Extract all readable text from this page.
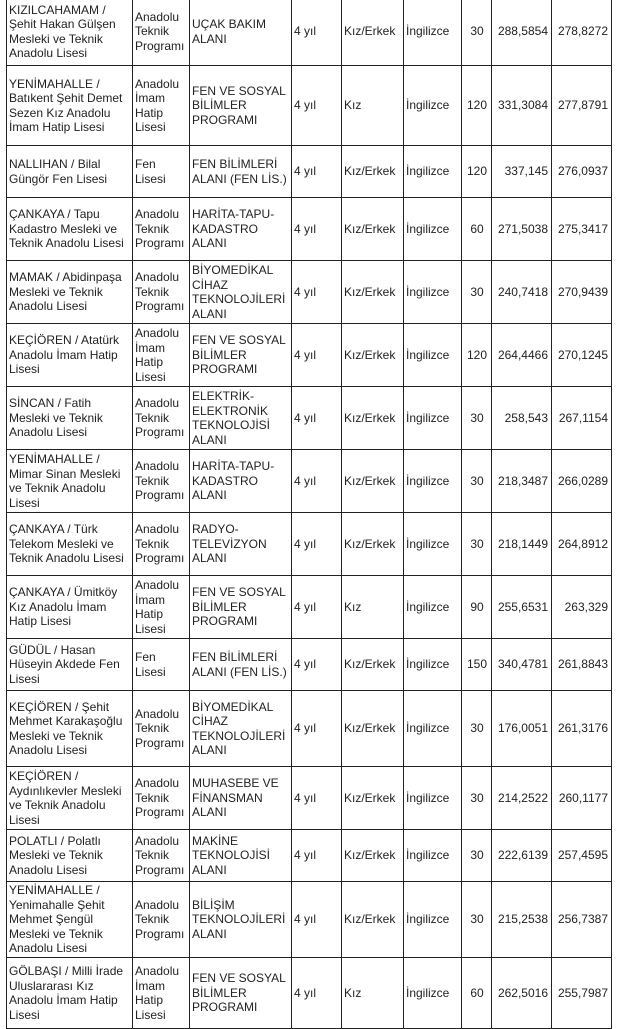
KIZILCAHAMAM / Şehit Hakan Gülşen Mesleki ve Teknik Anadolu Lisesi	Anadolu Teknik Programı	UÇAK BAKIM ALANI	4 yıl	Kız/Erkek	İngilizce	30	288,5854	278,8272
YENİMAHALLE / Batıkent Şehit Demet Sezen Kız Anadolu İmam Hatip Lisesi	Anadolu İmam Hatip Lisesi	FEN VE SOSYAL BİLİMLER PROGRAMI	4 yıl	Kız	İngilizce	120	331,3084	277,8791
NALLIHAN / Bilal Güngör Fen Lisesi	Fen Lisesi	FEN BİLİMLERİ ALANI (FEN LİS.)	4 yıl	Kız/Erkek	İngilizce	120	337,145	276,0937
ÇANKAYA / Tapu Kadastro Mesleki ve Teknik Anadolu Lisesi	Anadolu Teknik Programı	HARİTA-TAPU-KADASTRO ALANI	4 yıl	Kız/Erkek	İngilizce	60	271,5038	275,3417
MAMAK / Abidinpaşa Mesleki ve Teknik Anadolu Lisesi	Anadolu Teknik Programı	BİYOMEDİKAL CİHAZ TEKNOLOJİLERİ ALANI	4 yıl	Kız/Erkek	İngilizce	30	240,7418	270,9439
KEÇİÖREN / Atatürk Anadolu İmam Hatip Lisesi	Anadolu İmam Hatip Lisesi	FEN VE SOSYAL BİLİMLER PROGRAMI	4 yıl	Kız/Erkek	İngilizce	120	264,4466	270,1245
SİNCAN / Fatih Mesleki ve Teknik Anadolu Lisesi	Anadolu Teknik Programı	ELEKTRİK-ELEKTRONİK TEKNOLOJİSİ ALANI	4 yıl	Kız/Erkek	İngilizce	30	258,543	267,1154
YENİMAHALLE / Mimar Sinan Mesleki ve Teknik Anadolu Lisesi	Anadolu Teknik Programı	HARİTA-TAPU-KADASTRO ALANI	4 yıl	Kız/Erkek	İngilizce	30	218,3487	266,0289
ÇANKAYA / Türk Telekom Mesleki ve Teknik Anadolu Lisesi	Anadolu Teknik Programı	RADYO-TELEVİZYON ALANI	4 yıl	Kız/Erkek	İngilizce	30	218,1449	264,8912
ÇANKAYA / Ümitköy Kız Anadolu İmam Hatip Lisesi	Anadolu İmam Hatip Lisesi	FEN VE SOSYAL BİLİMLER PROGRAMI	4 yıl	Kız	İngilizce	90	255,6531	263,329
GÜDÜL / Hasan Hüseyin Akdede Fen Lisesi	Fen Lisesi	FEN BİLİMLERİ ALANI (FEN LİS.)	4 yıl	Kız/Erkek	İngilizce	150	340,4781	261,8843
KEÇİÖREN / Şehit Mehmet Karakaşoğlu Mesleki ve Teknik Anadolu Lisesi	Anadolu Teknik Programı	BİYOMEDİKAL CİHAZ TEKNOLOJİLERİ ALANI	4 yıl	Kız/Erkek	İngilizce	30	176,0051	261,3176
KEÇİÖREN / Aydınlıkevler Mesleki ve Teknik Anadolu Lisesi	Anadolu Teknik Programı	MUHASEBE VE FİNANSMAN ALANI	4 yıl	Kız/Erkek	İngilizce	30	214,2522	260,1177
POLATLI / Polatlı Mesleki ve Teknik Anadolu Lisesi	Anadolu Teknik Programı	MAKİNE TEKNOLOJİSİ ALANI	4 yıl	Kız/Erkek	İngilizce	30	222,6139	257,4595
YENİMAHALLE / Yenimahalle Şehit Mehmet Şengül Mesleki ve Teknik Anadolu Lisesi	Anadolu Teknik Programı	BİLİŞİM TEKNOLOJİLERİ ALANI	4 yıl	Kız/Erkek	İngilizce	30	215,2538	256,7387
GÖLBAŞI / Milli İrade Uluslararası Kız Anadolu İmam Hatip Lisesi	Anadolu İmam Hatip Lisesi	FEN VE SOSYAL BİLİMLER PROGRAMI	4 yıl	Kız	İngilizce	60	262,5016	255,7987
